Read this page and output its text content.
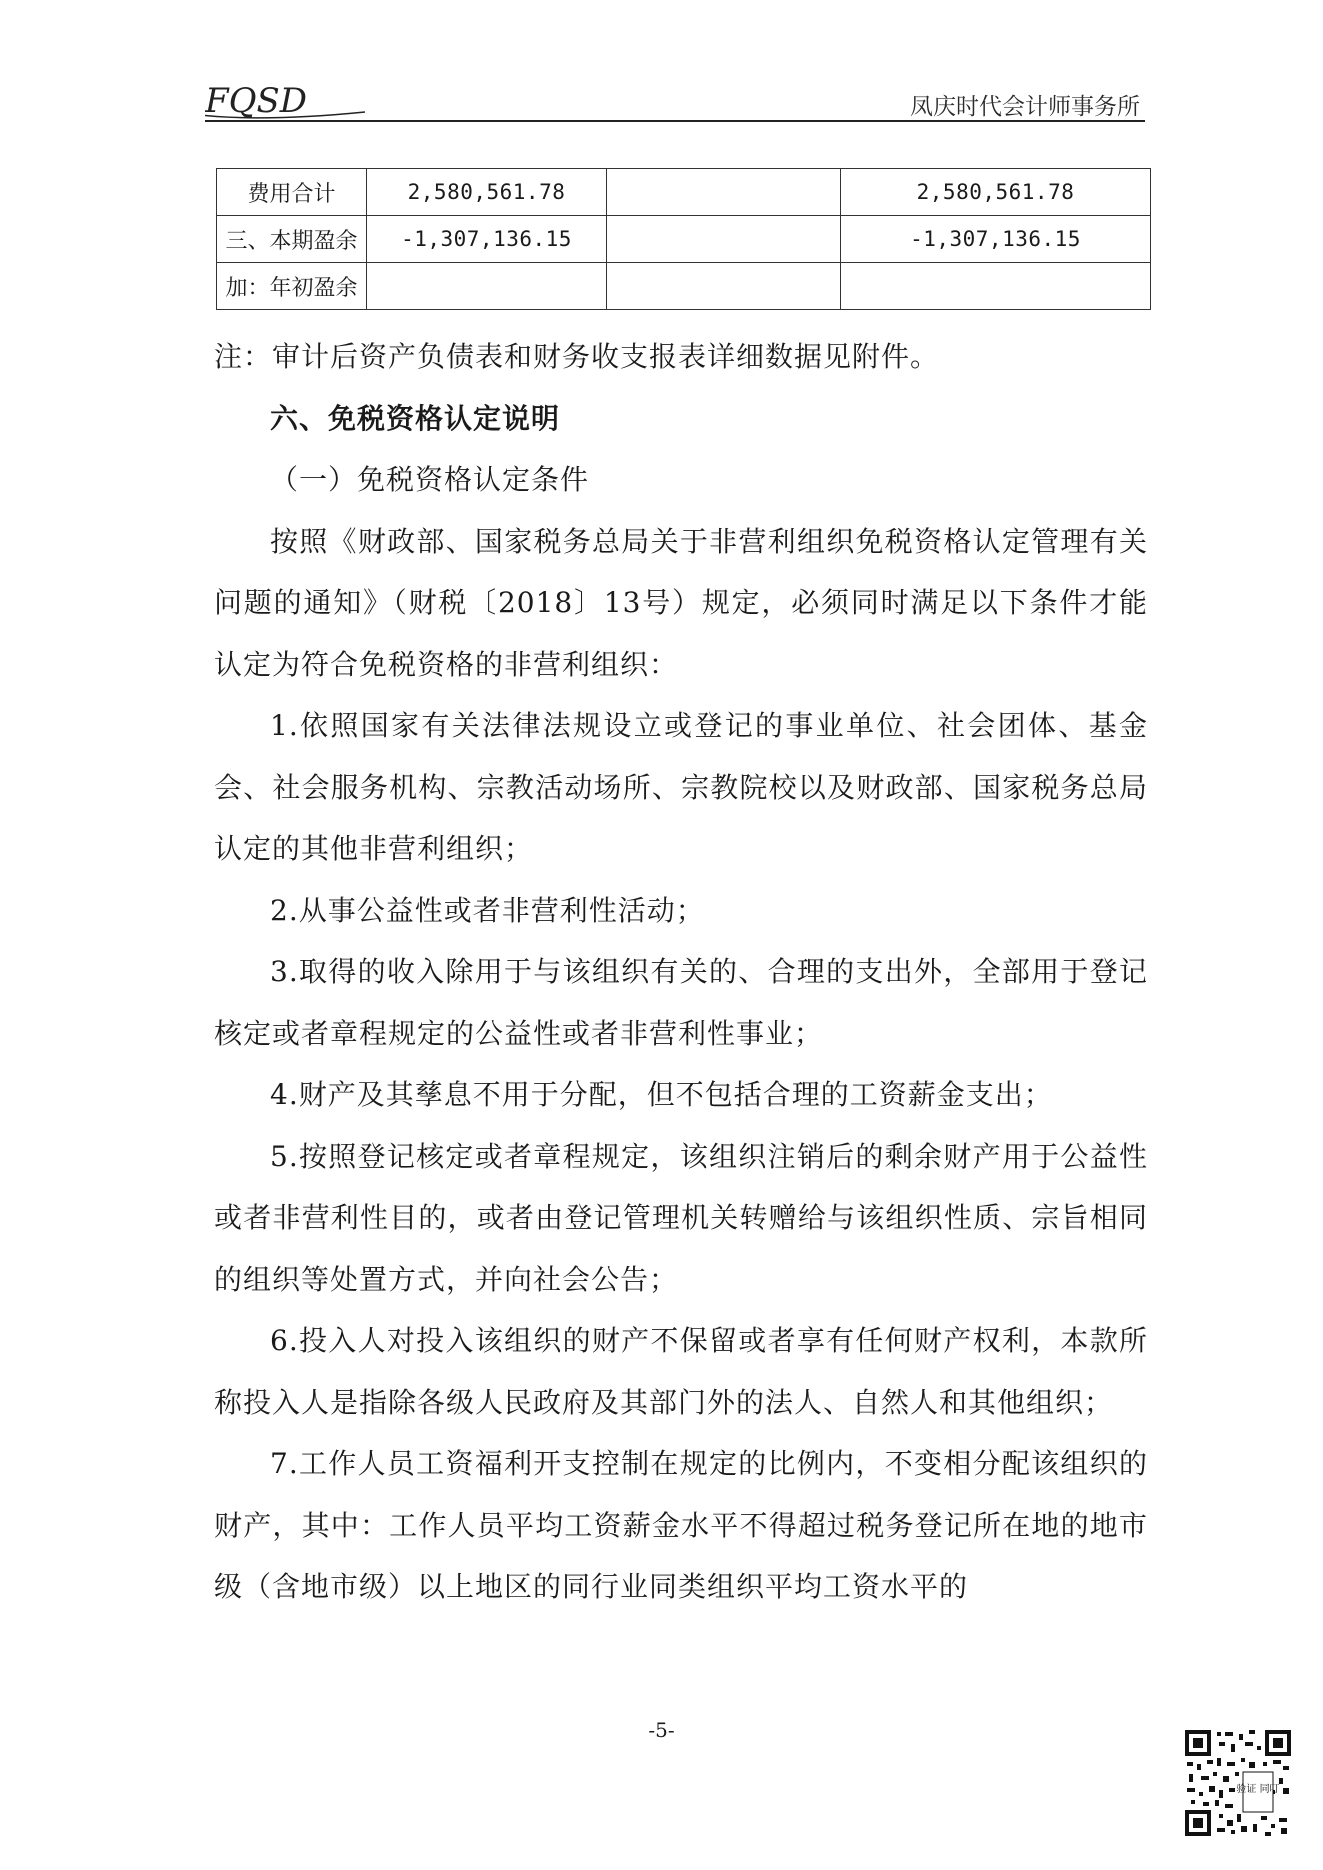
FQSD	凤庆时代会计师事务所
费用合计	2,580,561.78		2,580,561.78
三、本期盈余	-1,307,136.15		-1,307,136.15
加：年初盈余			

注：审计后资产负债表和财务收支报表详细数据见附件。

六、免税资格认定说明

（一）免税资格认定条件

按照《财政部、国家税务总局关于非营利组织免税资格认定管理有关问题的通知》（财税〔2018〕13号）规定，必须同时满足以下条件才能认定为符合免税资格的非营利组织：

1.依照国家有关法律法规设立或登记的事业单位、社会团体、基金会、社会服务机构、宗教活动场所、宗教院校以及财政部、国家税务总局认定的其他非营利组织；

2.从事公益性或者非营利性活动；

3.取得的收入除用于与该组织有关的、合理的支出外，全部用于登记核定或者章程规定的公益性或者非营利性事业；

4.财产及其孳息不用于分配，但不包括合理的工资薪金支出；

5.按照登记核定或者章程规定，该组织注销后的剩余财产用于公益性或者非营利性目的，或者由登记管理机关转赠给与该组织性质、宗旨相同的组织等处置方式，并向社会公告；

6.投入人对投入该组织的财产不保留或者享有任何财产权利，本款所称投入人是指除各级人民政府及其部门外的法人、自然人和其他组织；

7.工作人员工资福利开支控制在规定的比例内，不变相分配该组织的财产，其中：工作人员平均工资薪金水平不得超过税务登记所在地的地市级（含地市级）以上地区的同行业同类组织平均工资水平的

-5-
验证 同叮
